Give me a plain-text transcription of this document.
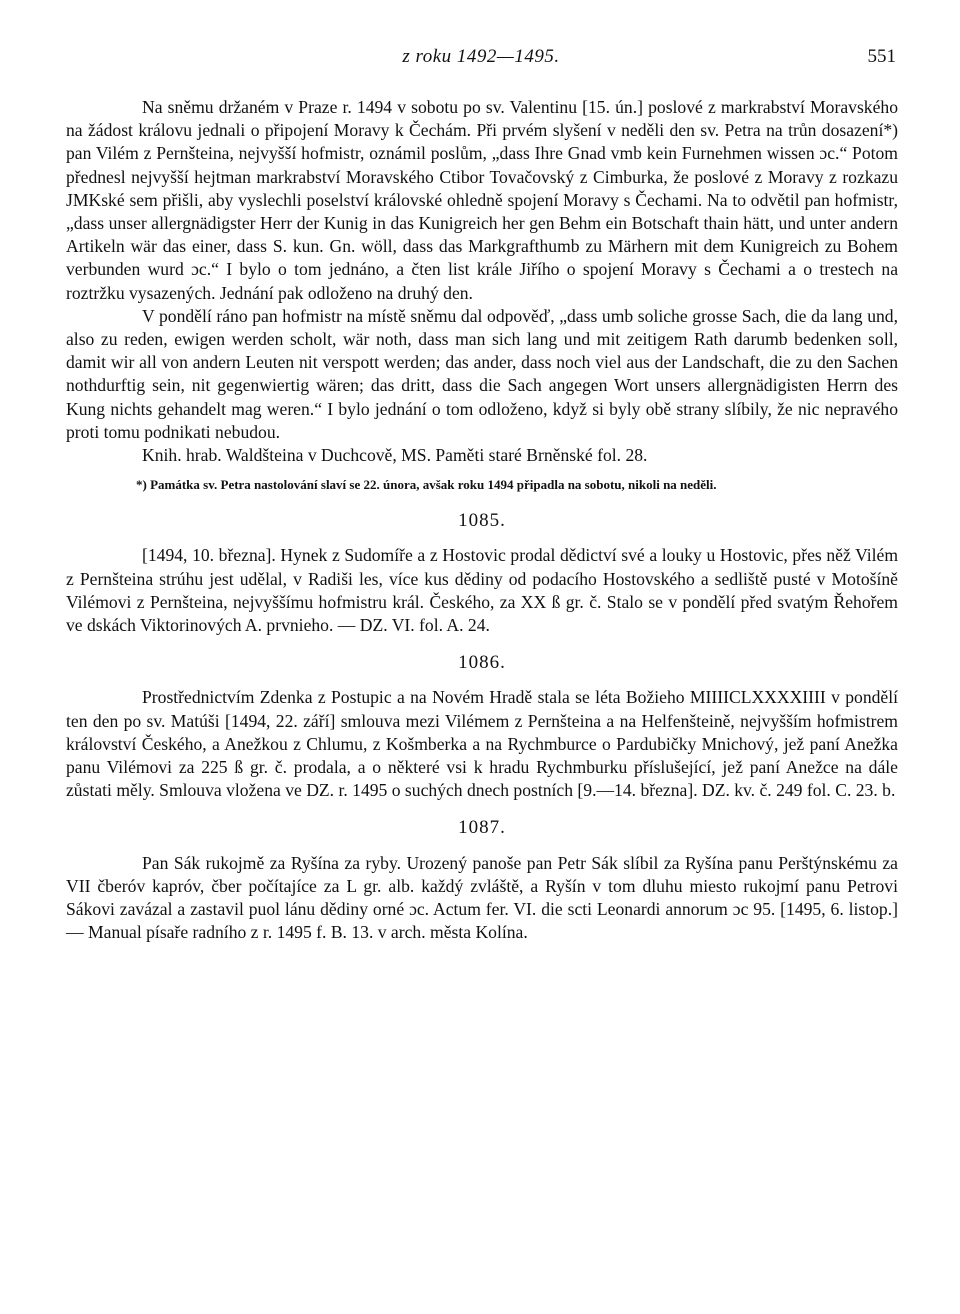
z roku 1492—1495.	551

Na sněmu držaném v Praze r. 1494 v sobotu po sv. Valentinu [15. ún.] poslové z markrabství Moravského na žádost královu jednali o připojení Moravy k Čechám. Při prvém slyšení v neděli den sv. Petra na trůn dosazení*) pan Vilém z Pernšteina, nejvyšší hofmistr, oznámil poslům, „dass Ihre Gnad vmb kein Furnehmen wissen ɔc.“ Potom přednesl nejvyšší hejtman markrabství Moravského Ctibor Tovačovský z Cimburka, že poslové z Moravy z rozkazu JMKské sem přišli, aby vyslechli poselství královské ohledně spojení Moravy s Čechami. Na to odvětil pan hofmistr, „dass unser allergnädigster Herr der Kunig in das Kunigreich her gen Behm ein Botschaft thain hätt, und unter andern Artikeln wär das einer, dass S. kun. Gn. wöll, dass das Markgrafthumb zu Märhern mit dem Kunigreich zu Bohem verbunden wurd ɔc.“ I bylo o tom jednáno, a čten list krále Jiřího o spojení Moravy s Čechami a o trestech na roztržku vysazených. Jednání pak odloženo na druhý den.

V pondělí ráno pan hofmistr na místě sněmu dal odpověď, „dass umb soliche grosse Sach, die da lang und, also zu reden, ewigen werden scholt, wär noth, dass man sich lang und mit zeitigem Rath darumb bedenken soll, damit wir all von andern Leuten nit verspott werden; das ander, dass noch viel aus der Landschaft, die zu den Sachen nothdurftig sein, nit gegenwiertig wären; das dritt, dass die Sach angegen Wort unsers allergnädigisten Herrn des Kung nichts gehandelt mag weren.“ I bylo jednání o tom odloženo, když si byly obě strany slíbily, že nic nepravého proti tomu podnikati nebudou.

Knih. hrab. Waldšteina v Duchcově, MS. Paměti staré Brněnské fol. 28.

*) Památka sv. Petra nastolování slaví se 22. února, avšak roku 1494 připadla na sobotu, nikoli na neděli.

1085.

[1494, 10. března]. Hynek z Sudomíře a z Hostovic prodal dědictví své a louky u Hostovic, přes něž Vilém z Pernšteina strúhu jest udělal, v Radiši les, více kus dědiny od podacího Hostovského a sedliště pusté v Motošíně Vilémovi z Pernšteina, nejvyššímu hofmistru král. Českého, za XX ß gr. č. Stalo se v pondělí před svatým Řehořem ve dskách Viktorinových A. prvnieho. — DZ. VI. fol. A. 24.

1086.

Prostřednictvím Zdenka z Postupic a na Novém Hradě stala se léta Božieho MIIIICLXXXXIIII v pondělí ten den po sv. Matúši [1494, 22. září] smlouva mezi Vilémem z Pernšteina a na Helfenšteině, nejvyšším hofmistrem království Českého, a Anežkou z Chlumu, z Košmberka a na Rychmburce o Pardubičky Mnichový, jež paní Anežka panu Vilémovi za 225 ß gr. č. prodala, a o některé vsi k hradu Rychmburku příslušející, jež paní Anežce na dále zůstati měly. Smlouva vložena ve DZ. r. 1495 o suchých dnech postních [9.—14. března]. DZ. kv. č. 249 fol. C. 23. b.

1087.

Pan Sák rukojmě za Ryšína za ryby. Urozený panoše pan Petr Sák slíbil za Ryšína panu Perštýnskému za VII čberóv kapróv, čber počítajíce za L gr. alb. každý zvláště, a Ryšín v tom dluhu miesto rukojmí panu Petrovi Sákovi zavázal a zastavil puol lánu dědiny orné ɔc. Actum fer. VI. die scti Leonardi annorum ɔc 95. [1495, 6. listop.] — Manual písaře radního z r. 1495 f. B. 13. v arch. města Kolína.
